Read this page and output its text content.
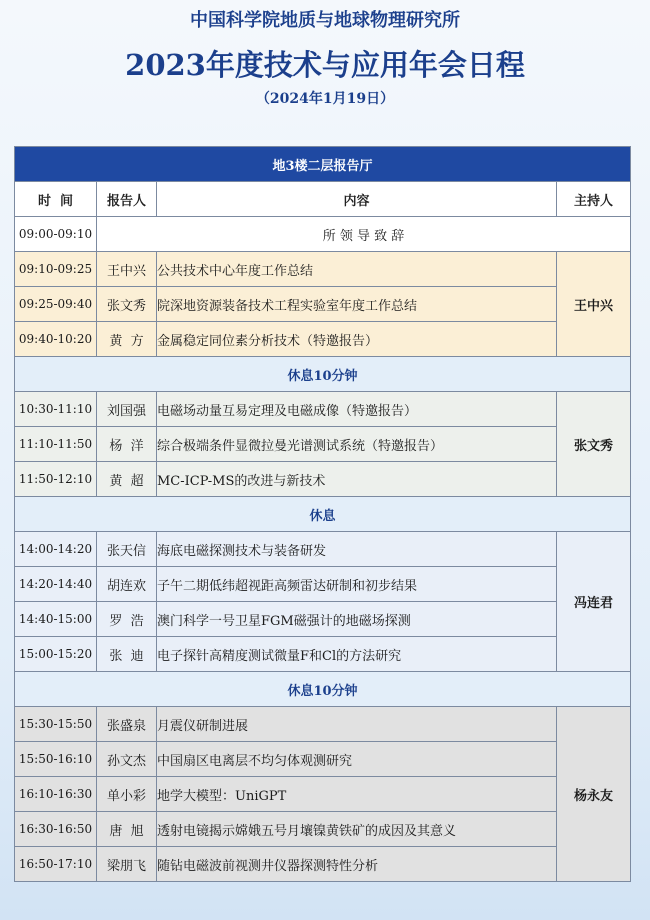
中国科学院地质与地球物理研究所
2023年度技术与应用年会日程
（2024年1月19日）
地3楼二层报告厅			
时  间	报告人	内容	主持人
09:00-09:10	所 领 导 致 辞		
09:10-09:25	王中兴	公共技术中心年度工作总结	王中兴
09:25-09:40	张文秀	院深地资源装备技术工程实验室年度工作总结	
09:40-10:20	黄  方	金属稳定同位素分析技术（特邀报告）	
休息10分钟			
10:30-11:10	刘国强	电磁场动量互易定理及电磁成像（特邀报告）	张文秀
11:10-11:50	杨  洋	综合极端条件显微拉曼光谱测试系统（特邀报告）	
11:50-12:10	黄  超	MC-ICP-MS的改进与新技术	
休息			
14:00-14:20	张天信	海底电磁探测技术与装备研发	冯连君
14:20-14:40	胡连欢	子午二期低纬超视距高频雷达研制和初步结果	
14:40-15:00	罗  浩	澳门科学一号卫星FGM磁强计的地磁场探测	
15:00-15:20	张  迪	电子探针高精度测试微量F和Cl的方法研究	
休息10分钟			
15:30-15:50	张盛泉	月震仪研制进展	杨永友
15:50-16:10	孙文杰	中国扇区电离层不均匀体观测研究	
16:10-16:30	单小彩	地学大模型：UniGPT	
16:30-16:50	唐  旭	透射电镜揭示嫦娥五号月壤镍黄铁矿的成因及其意义	
16:50-17:10	梁朋飞	随钻电磁波前视测井仪器探测特性分析	
